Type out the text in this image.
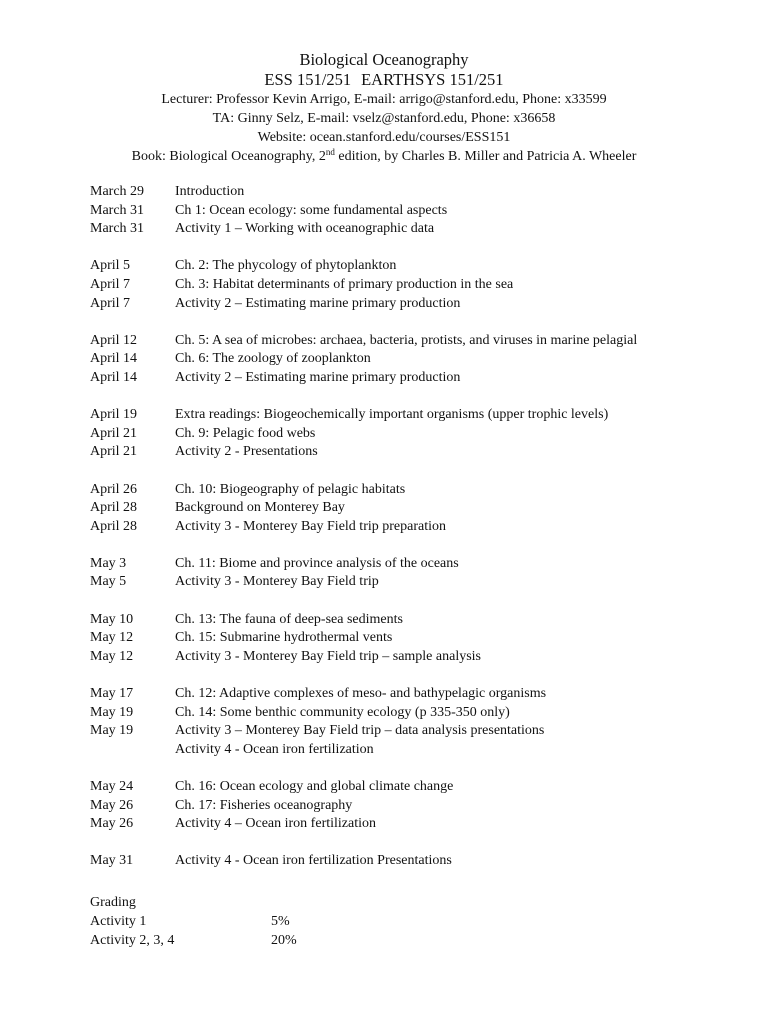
Biological Oceanography
ESS 151/251 EARTHSYS 151/251
Lecturer: Professor Kevin Arrigo, E-mail: arrigo@stanford.edu, Phone: x33599
TA: Ginny Selz, E-mail: vselz@stanford.edu, Phone: x36658
Website: ocean.stanford.edu/courses/ESS151
Book: Biological Oceanography, 2nd edition, by Charles B. Miller and Patricia A. Wheeler
March 29 Introduction
March 31 Ch 1: Ocean ecology: some fundamental aspects
March 31 Activity 1 – Working with oceanographic data
April 5	Ch. 2: The phycology of phytoplankton
April 7	Ch. 3: Habitat determinants of primary production in the sea
April 7	Activity 2 – Estimating marine primary production
April 12	Ch. 5: A sea of microbes: archaea, bacteria, protists, and viruses in marine pelagial
April 14	Ch. 6: The zoology of zooplankton
April 14	Activity 2 – Estimating marine primary production
April 19	Extra readings: Biogeochemically important organisms (upper trophic levels)
April 21	Ch. 9: Pelagic food webs
April 21	Activity 2 - Presentations
April 26	Ch. 10: Biogeography of pelagic habitats
April 28	Background on Monterey Bay
April 28	Activity 3 - Monterey Bay Field trip preparation
May 3	Ch. 11: Biome and province analysis of the oceans
May 5	Activity 3 - Monterey Bay Field trip
May 10	Ch. 13: The fauna of deep-sea sediments
May 12	Ch. 15: Submarine hydrothermal vents
May 12	Activity 3 - Monterey Bay Field trip – sample analysis
May 17	Ch. 12: Adaptive complexes of meso- and bathypelagic organisms
May 19	Ch. 14: Some benthic community ecology (p 335-350 only)
May 19	Activity 3 – Monterey Bay Field trip – data analysis presentations
Activity 4 - Ocean iron fertilization
May 24	Ch. 16: Ocean ecology and global climate change
May 26	Ch. 17: Fisheries oceanography
May 26	Activity 4 – Ocean iron fertilization
May 31	Activity 4 - Ocean iron fertilization Presentations
Grading
Activity 1	5%
Activity 2, 3, 4	20%
